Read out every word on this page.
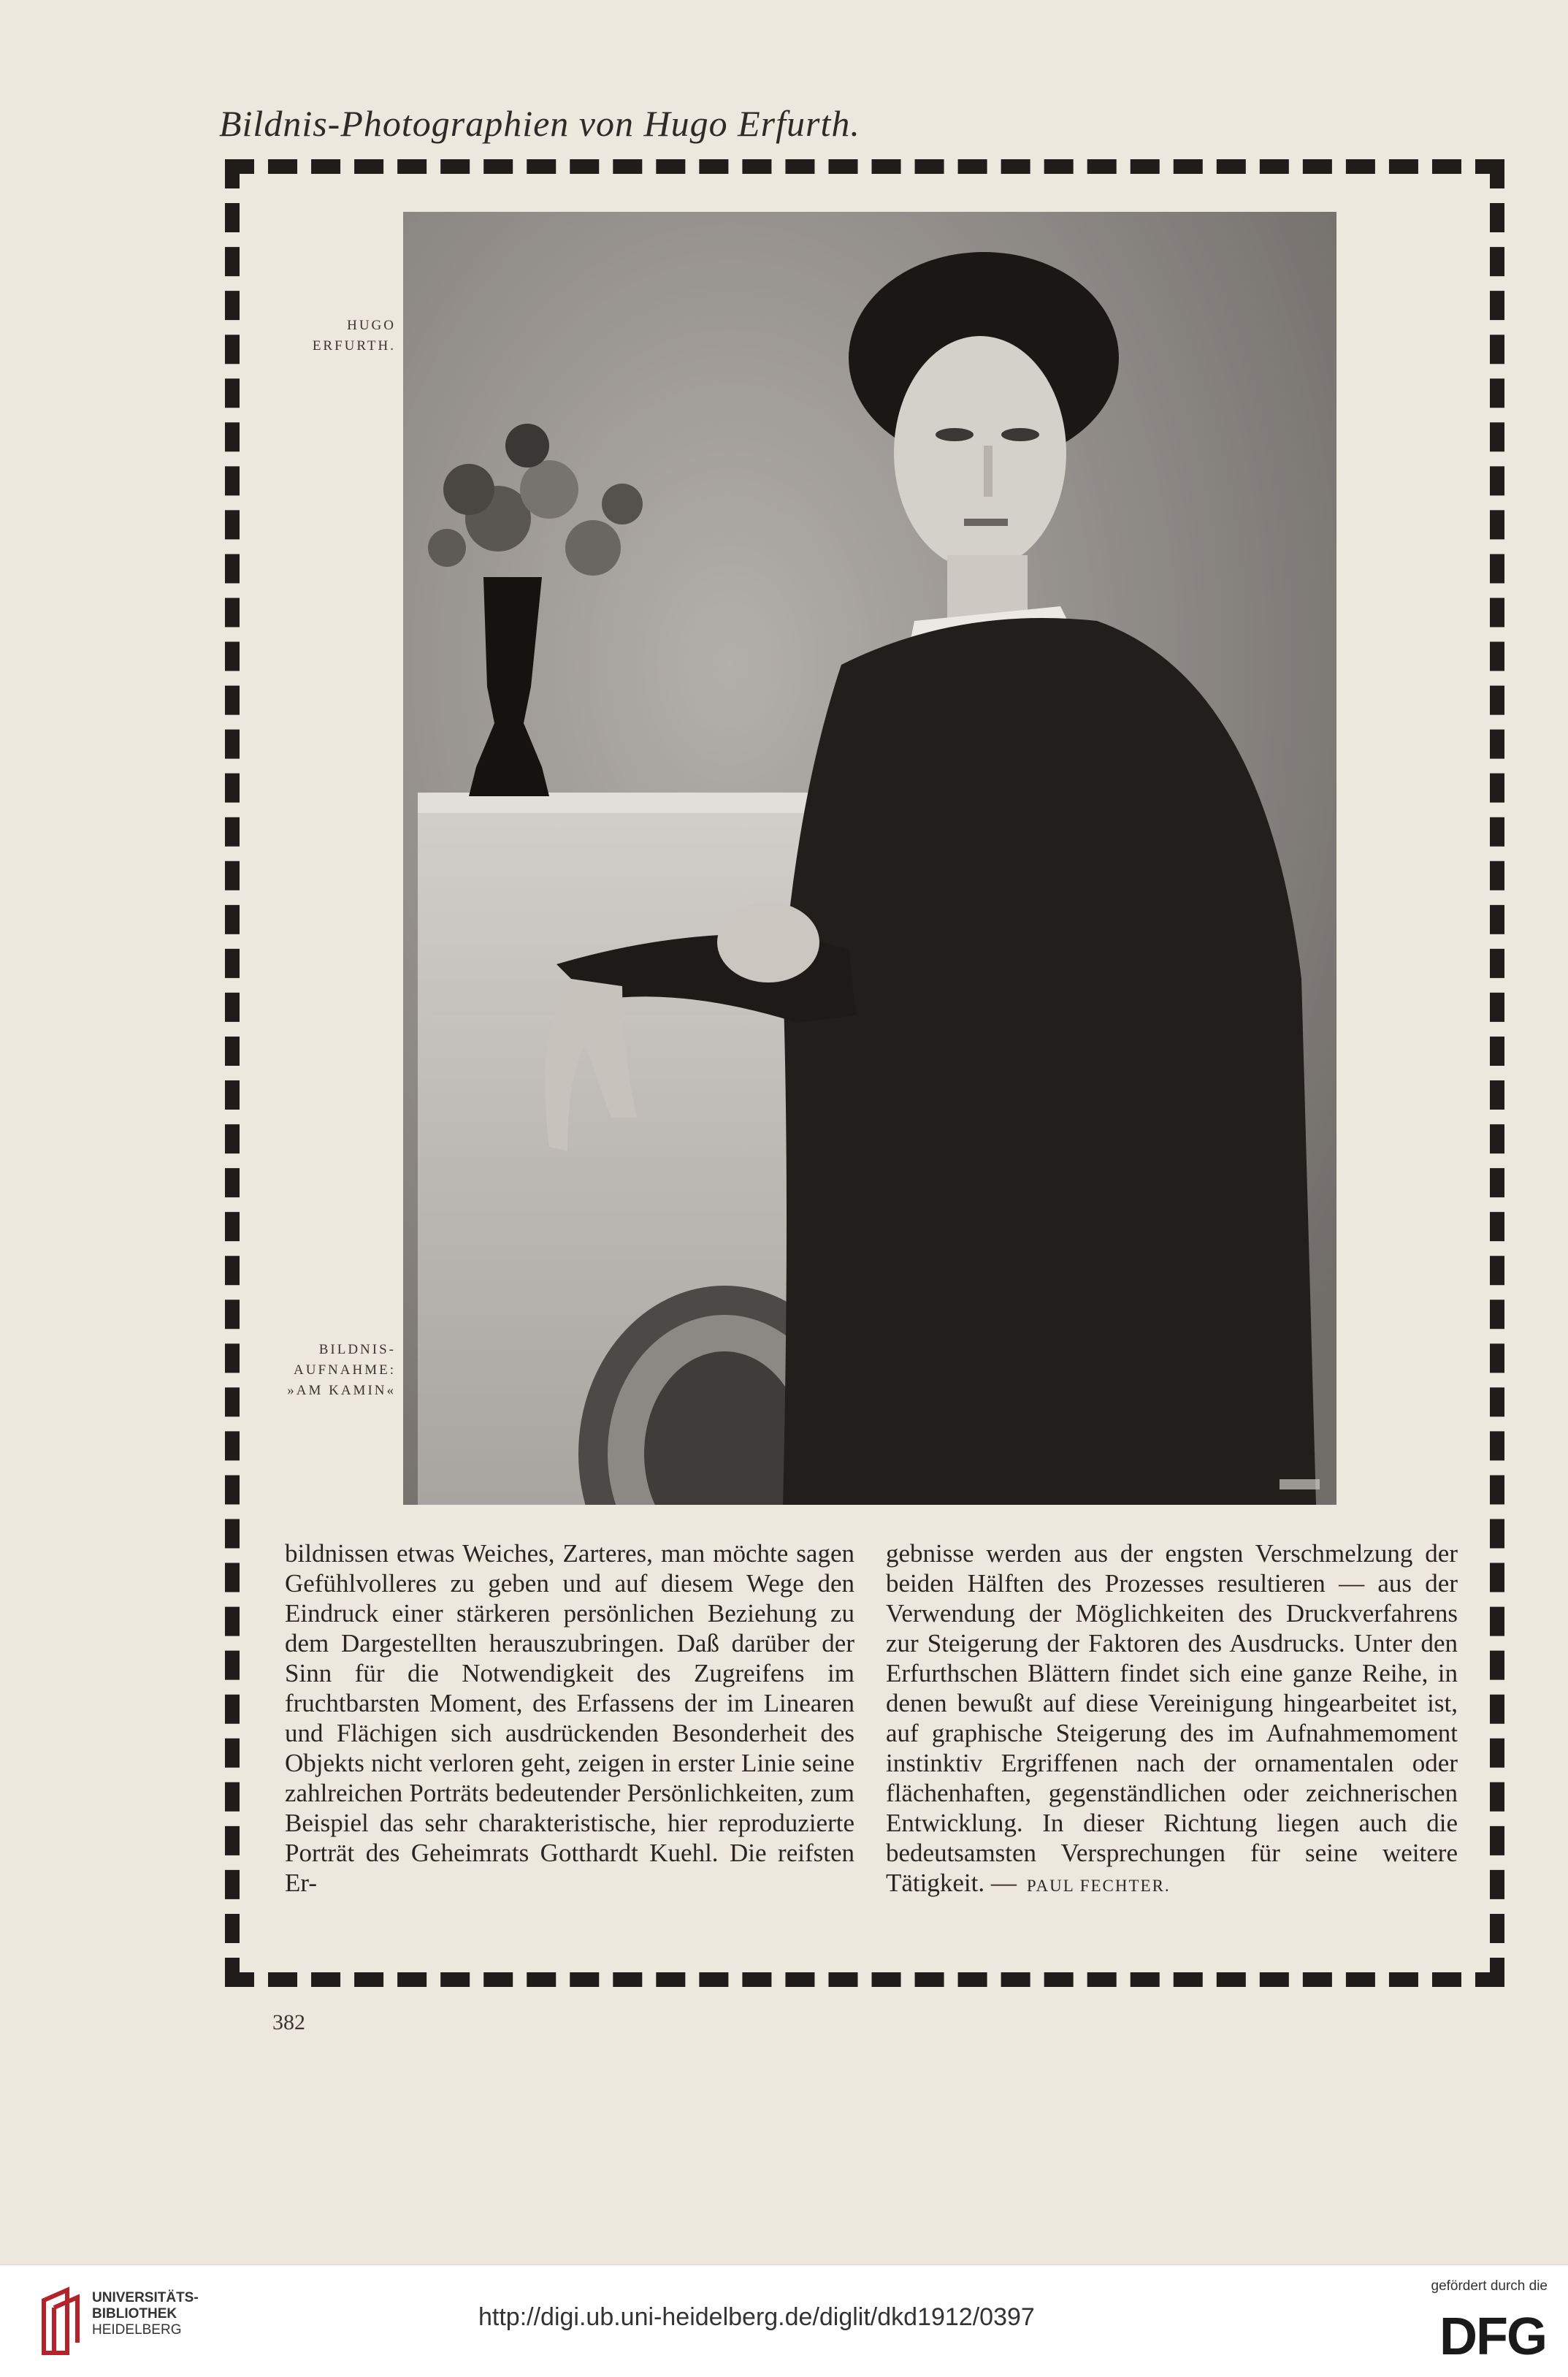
Bildnis-Photographien von Hugo Erfurth.
HUGO
ERFURTH.
BILDNIS-
AUFNAHME:
»AM KAMIN«

bildnissen etwas Weiches, Zarteres, man möchte sagen Gefühlvolleres zu geben und auf diesem Wege den Eindruck einer stärkeren persönlichen Beziehung zu dem Dargestellten herauszubringen. Daß darüber der Sinn für die Notwendigkeit des Zugreifens im fruchtbarsten Moment, des Erfassens der im Linearen und Flächigen sich ausdrückenden Besonderheit des Objekts nicht verloren geht, zeigen in erster Linie seine zahlreichen Porträts bedeutender Persönlichkeiten, zum Beispiel das sehr charakteristische, hier reproduzierte Porträt des Geheimrats Gotthardt Kuehl. Die reifsten Er-

gebnisse werden aus der engsten Verschmelzung der beiden Hälften des Prozesses resultieren — aus der Verwendung der Möglichkeiten des Druckverfahrens zur Steigerung der Faktoren des Ausdrucks. Unter den Erfurthschen Blättern findet sich eine ganze Reihe, in denen bewußt auf diese Vereinigung hingearbeitet ist, auf graphische Steigerung des im Aufnahmemoment instinktiv Ergriffenen nach der ornamentalen oder flächenhaften, gegenständlichen oder zeichnerischen Entwicklung. In dieser Richtung liegen auch die bedeutsamsten Versprechungen für seine weitere Tätigkeit. — PAUL FECHTER.

382
UNIVERSITÄTS-
BIBLIOTHEK
HEIDELBERG	http://digi.ub.uni-heidelberg.de/diglit/dkd1912/0397
gefördert durch die
DFG
